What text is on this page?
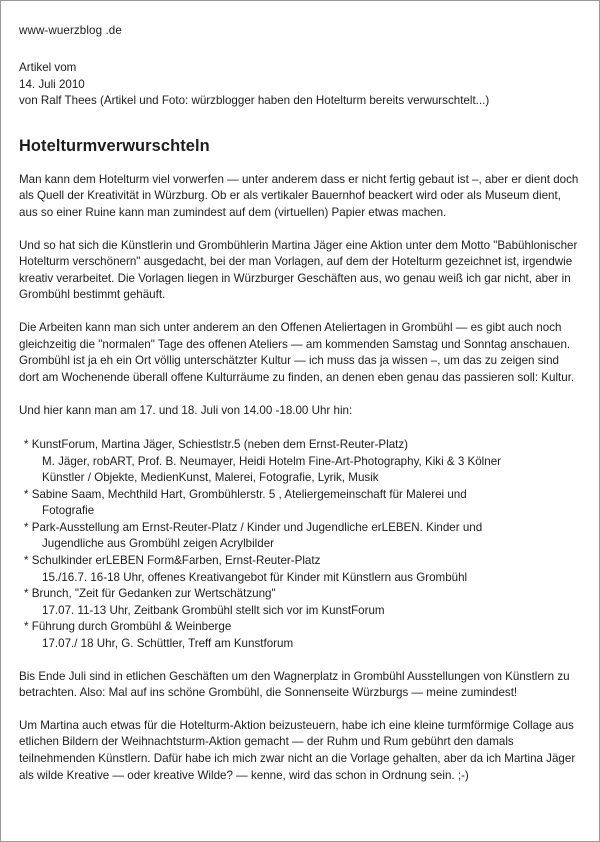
www-wuerzblog .de
Artikel vom
14. Juli 2010
von Ralf Thees (Artikel und Foto: würzblogger haben den Hotelturm bereits verwurschtelt...)
Hotelturmverwurschteln

Man kann dem Hotelturm viel vorwerfen — unter anderem dass er nicht fertig gebaut ist –, aber er dient doch als Quell der Kreativität in Würzburg. Ob er als vertikaler Bauernhof beackert wird oder als Museum dient, aus so einer Ruine kann man zumindest auf dem (virtuellen) Papier etwas machen.

Und so hat sich die Künstlerin und Grombühlerin Martina Jäger eine Aktion unter dem Motto "Babühlonischer Hotelturm verschönern" ausgedacht, bei der man Vorlagen, auf dem der Hotelturm gezeichnet ist, irgendwie kreativ verarbeitet. Die Vorlagen liegen in Würzburger Geschäften aus, wo genau weiß ich gar nicht, aber in Grombühl bestimmt gehäuft.

Die Arbeiten kann man sich unter anderem an den Offenen Ateliertagen in Grombühl — es gibt auch noch gleichzeitig die "normalen" Tage des offenen Ateliers — am kommenden Samstag und Sonntag anschauen. Grombühl ist ja eh ein Ort völlig unterschätzter Kultur — ich muss das ja wissen –, um das zu zeigen sind dort am Wochenende überall offene Kulturräume zu finden, an denen eben genau das passieren soll: Kultur.

Und hier kann man am 17. und 18. Juli von 14.00 -18.00 Uhr hin:

* KunstForum, Martina Jäger, Schiestlstr.5 (neben dem Ernst-Reuter-Platz)
M. Jäger, robART, Prof. B. Neumayer, Heidi Hotelm Fine-Art-Photography, Kiki & 3 Kölner
Künstler / Objekte, MedienKunst, Malerei, Fotografie, Lyrik, Musik
* Sabine Saam, Mechthild Hart, Grombühlerstr. 5 , Ateliergemeinschaft für Malerei und
Fotografie
* Park-Ausstellung am Ernst-Reuter-Platz / Kinder und Jugendliche erLEBEN. Kinder und
Jugendliche aus Grombühl zeigen Acrylbilder
* Schulkinder erLEBEN Form&Farben, Ernst-Reuter-Platz
15./16.7. 16-18 Uhr, offenes Kreativangebot für Kinder mit Künstlern aus Grombühl
* Brunch, "Zeit für Gedanken zur Wertschätzung"
17.07. 11-13 Uhr, Zeitbank Grombühl stellt sich vor im KunstForum
* Führung durch Grombühl & Weinberge
17.07./ 18 Uhr, G. Schüttler, Treff am Kunstforum

Bis Ende Juli sind in etlichen Geschäften um den Wagnerplatz in Grombühl Ausstellungen von Künstlern zu betrachten. Also: Mal auf ins schöne Grombühl, die Sonnenseite Würzburgs — meine zumindest!

Um Martina auch etwas für die Hotelturm-Aktion beizusteuern, habe ich eine kleine turmförmige Collage aus etlichen Bildern der Weihnachtsturm-Aktion gemacht — der Ruhm und Rum gebührt den damals teilnehmenden Künstlern. Dafür habe ich mich zwar nicht an die Vorlage gehalten, aber da ich Martina Jäger als wilde Kreative — oder kreative Wilde? — kenne, wird das schon in Ordnung sein. ;-)
